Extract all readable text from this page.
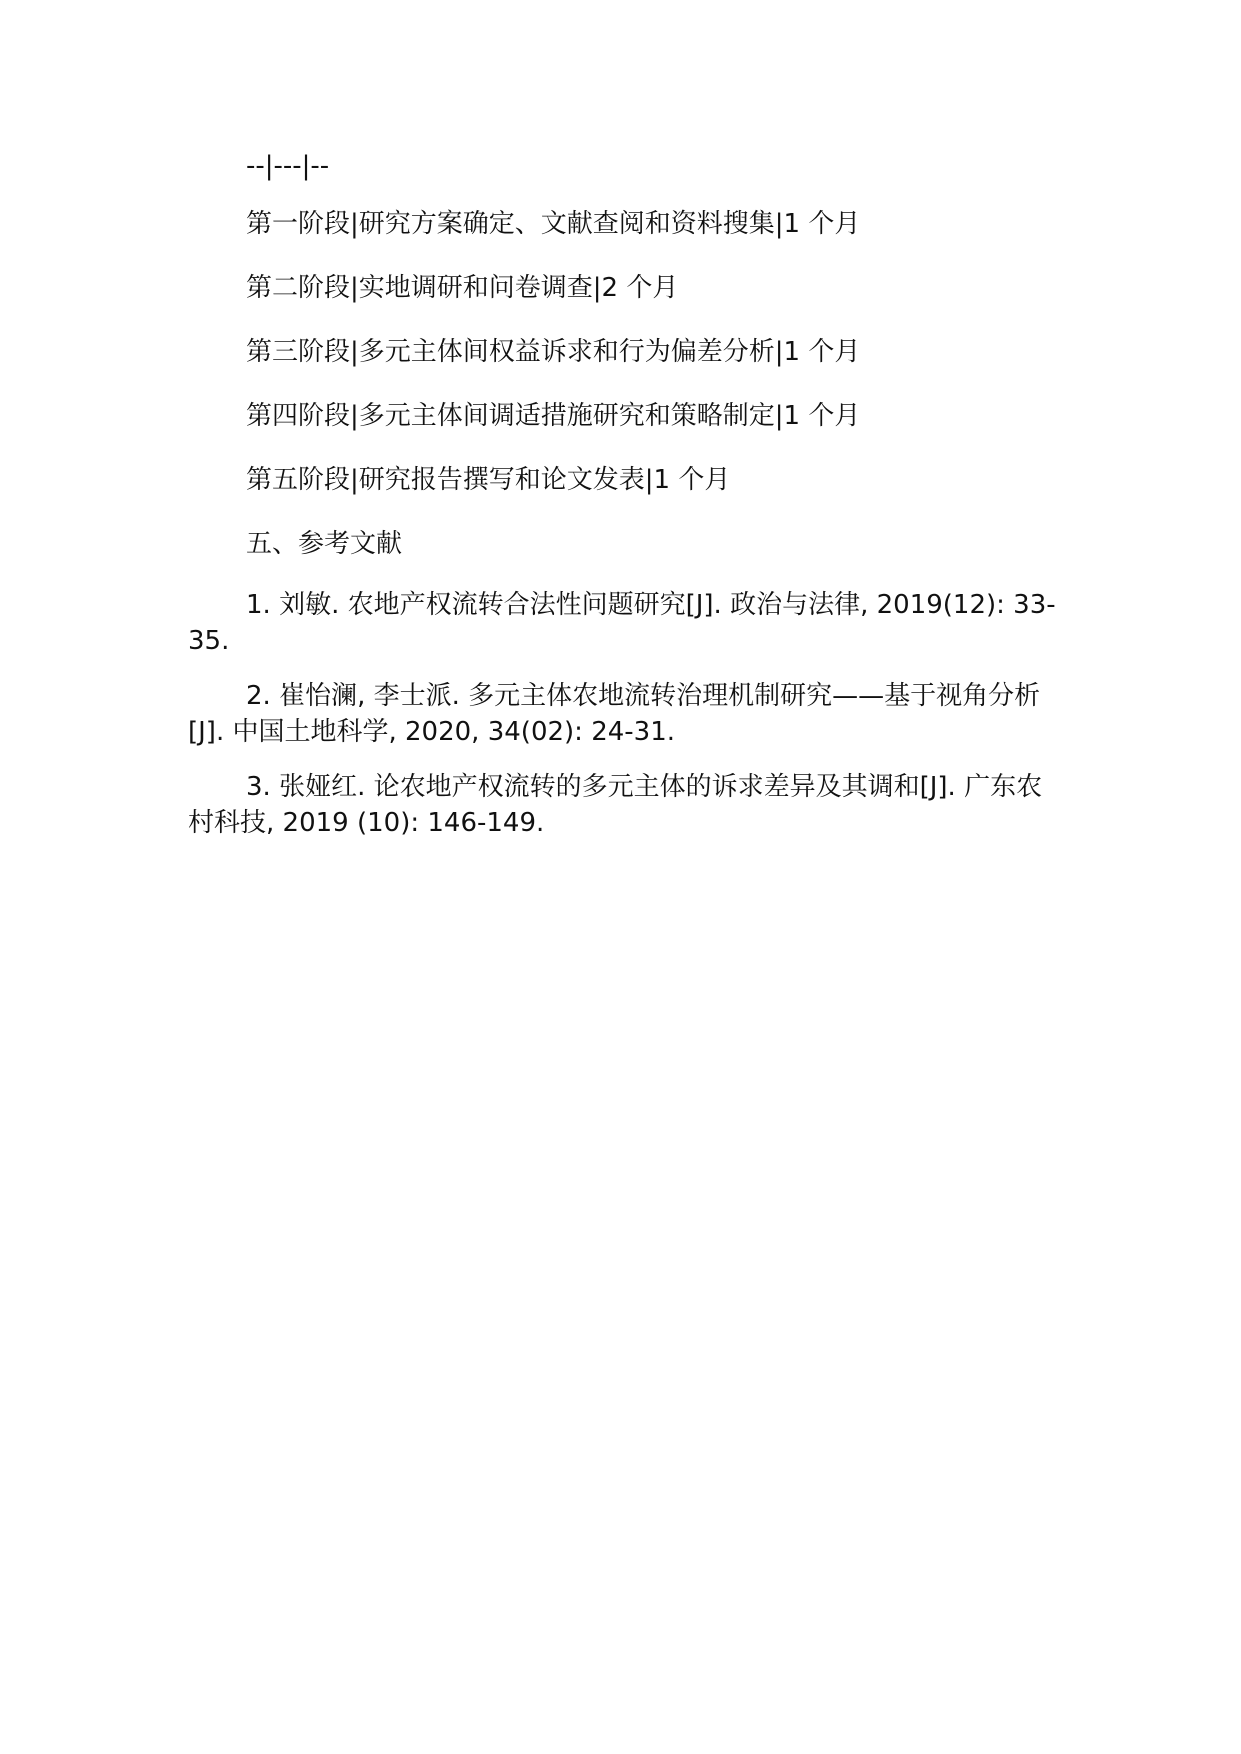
--|---|--

第一阶段|研究方案确定、文献查阅和资料搜集|1 个月

第二阶段|实地调研和问卷调查|2 个月

第三阶段|多元主体间权益诉求和行为偏差分析|1 个月

第四阶段|多元主体间调适措施研究和策略制定|1 个月

第五阶段|研究报告撰写和论文发表|1 个月

五、参考文献

1. 刘敏. 农地产权流转合法性问题研究[J]. 政治与法律, 2019(12): 33-35.

2. 崔怡澜, 李士派. 多元主体农地流转治理机制研究——基于视角分析 [J]. 中国土地科学, 2020, 34(02): 24-31.

3. 张娅红. 论农地产权流转的多元主体的诉求差异及其调和[J]. 广东农村科技, 2019 (10): 146-149.
